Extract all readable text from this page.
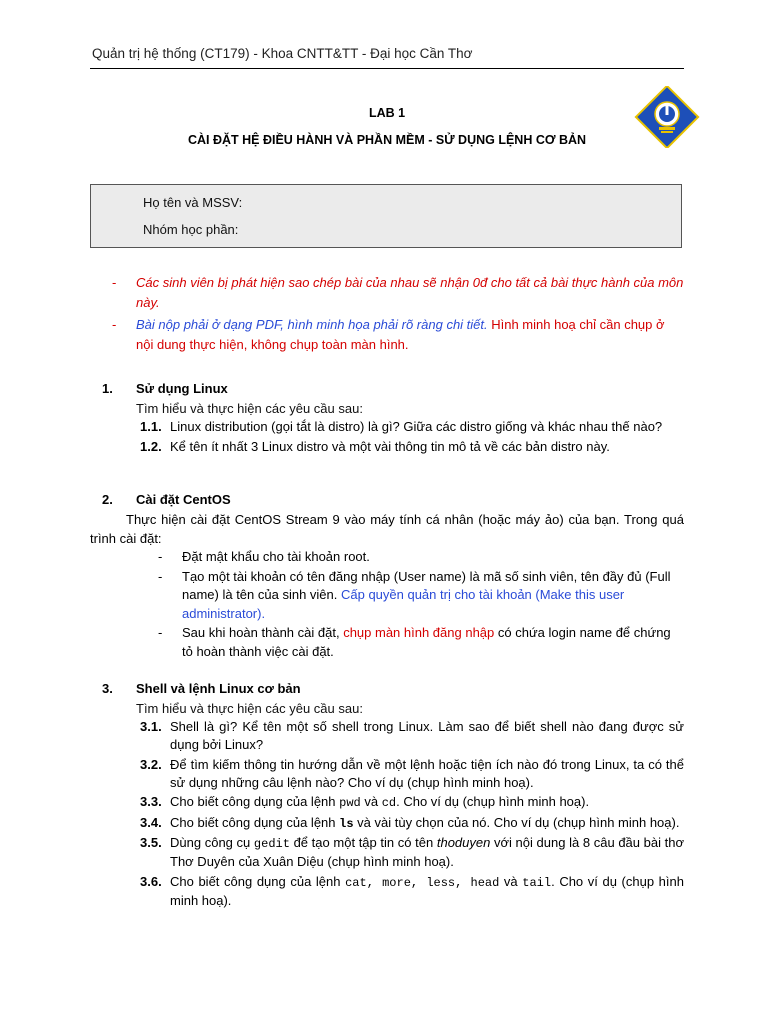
Quản trị hệ thống (CT179) - Khoa CNTT&TT - Đại học Cần Thơ
LAB 1
CÀI ĐẶT HỆ ĐIỀU HÀNH VÀ PHẦN MỀM - SỬ DỤNG LỆNH CƠ BẢN
Họ tên và MSSV:
Nhóm học phần:
- Các sinh viên bị phát hiện sao chép bài của nhau sẽ nhận 0đ cho tất cả bài thực hành của môn này.
- Bài nộp phải ở dạng PDF, hình minh họa phải rõ ràng chi tiết. Hình minh hoạ chỉ cần chụp ở nội dung thực hiện, không chụp toàn màn hình.
1. Sử dụng Linux
Tìm hiểu và thực hiện các yêu cầu sau:
1.1. Linux distribution (gọi tắt là distro) là gì? Giữa các distro giống và khác nhau thế nào?
1.2. Kể tên ít nhất 3 Linux distro và một vài thông tin mô tả về các bản distro này.
2. Cài đặt CentOS
Thực hiện cài đặt CentOS Stream 9 vào máy tính cá nhân (hoặc máy ảo) của bạn. Trong quá trình cài đặt:
- Đặt mật khẩu cho tài khoản root.
- Tạo một tài khoản có tên đăng nhập (User name) là mã số sinh viên, tên đầy đủ (Full name) là tên của sinh viên. Cấp quyền quản trị cho tài khoản (Make this user administrator).
- Sau khi hoàn thành cài đặt, chụp màn hình đăng nhập có chứa login name để chứng tỏ hoàn thành việc cài đặt.
3. Shell và lệnh Linux cơ bản
Tìm hiểu và thực hiện các yêu cầu sau:
3.1. Shell là gì? Kể tên một số shell trong Linux. Làm sao để biết shell nào đang được sử dụng bởi Linux?
3.2. Để tìm kiếm thông tin hướng dẫn về một lệnh hoặc tiện ích nào đó trong Linux, ta có thể sử dụng những câu lệnh nào? Cho ví dụ (chụp hình minh hoạ).
3.3. Cho biết công dụng của lệnh pwd và cd. Cho ví dụ (chụp hình minh hoạ).
3.4. Cho biết công dụng của lệnh ls và vài tùy chọn của nó. Cho ví dụ (chụp hình minh hoạ).
3.5. Dùng công cụ gedit để tạo một tập tin có tên thoduyen với nội dung là 8 câu đầu bài thơ Thơ Duyên của Xuân Diệu (chụp hình minh hoạ).
3.6. Cho biết công dụng của lệnh cat, more, less, head và tail. Cho ví dụ (chụp hình minh hoạ).
